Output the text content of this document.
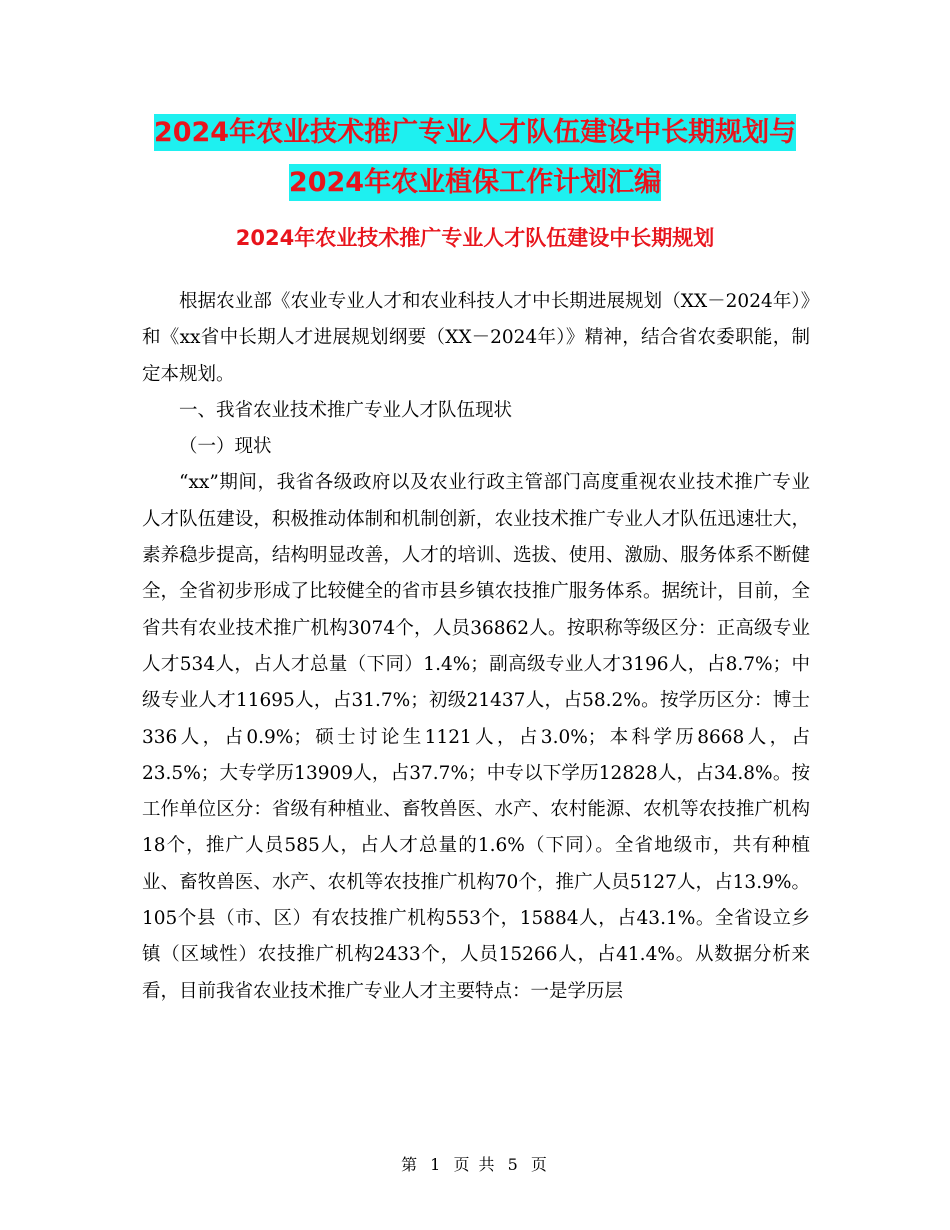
2024年农业技术推广专业人才队伍建设中长期规划与
2024年农业植保工作计划汇编
2024年农业技术推广专业人才队伍建设中长期规划

根据农业部《农业专业人才和农业科技人才中长期进展规划（XX－2024年）》和《xx省中长期人才进展规划纲要（XX－2024年）》精神，结合省农委职能，制定本规划。

一、我省农业技术推广专业人才队伍现状

（一）现状

“xx”期间，我省各级政府以及农业行政主管部门高度重视农业技术推广专业人才队伍建设，积极推动体制和机制创新，农业技术推广专业人才队伍迅速壮大，素养稳步提高，结构明显改善，人才的培训、选拔、使用、激励、服务体系不断健全，全省初步形成了比较健全的省市县乡镇农技推广服务体系。据统计，目前，全省共有农业技术推广机构3074个，人员36862人。按职称等级区分：正高级专业人才534人，占人才总量（下同）1.4%；副高级专业人才3196人，占8.7%；中级专业人才11695人，占31.7%；初级21437人，占58.2%。按学历区分：博士336人，占0.9%；硕士讨论生1121人，占3.0%；本科学历8668人，占23.5%；大专学历13909人，占37.7%；中专以下学历12828人，占34.8%。按工作单位区分：省级有种植业、畜牧兽医、水产、农村能源、农机等农技推广机构18个，推广人员585人，占人才总量的1.6%（下同）。全省地级市，共有种植业、畜牧兽医、水产、农机等农技推广机构70个，推广人员5127人，占13.9%。105个县（市、区）有农技推广机构553个，15884人，占43.1%。全省设立乡镇（区域性）农技推广机构2433个，人员15266人，占41.4%。从数据分析来看，目前我省农业技术推广专业人才主要特点：一是学历层

第 1 页 共 5 页
